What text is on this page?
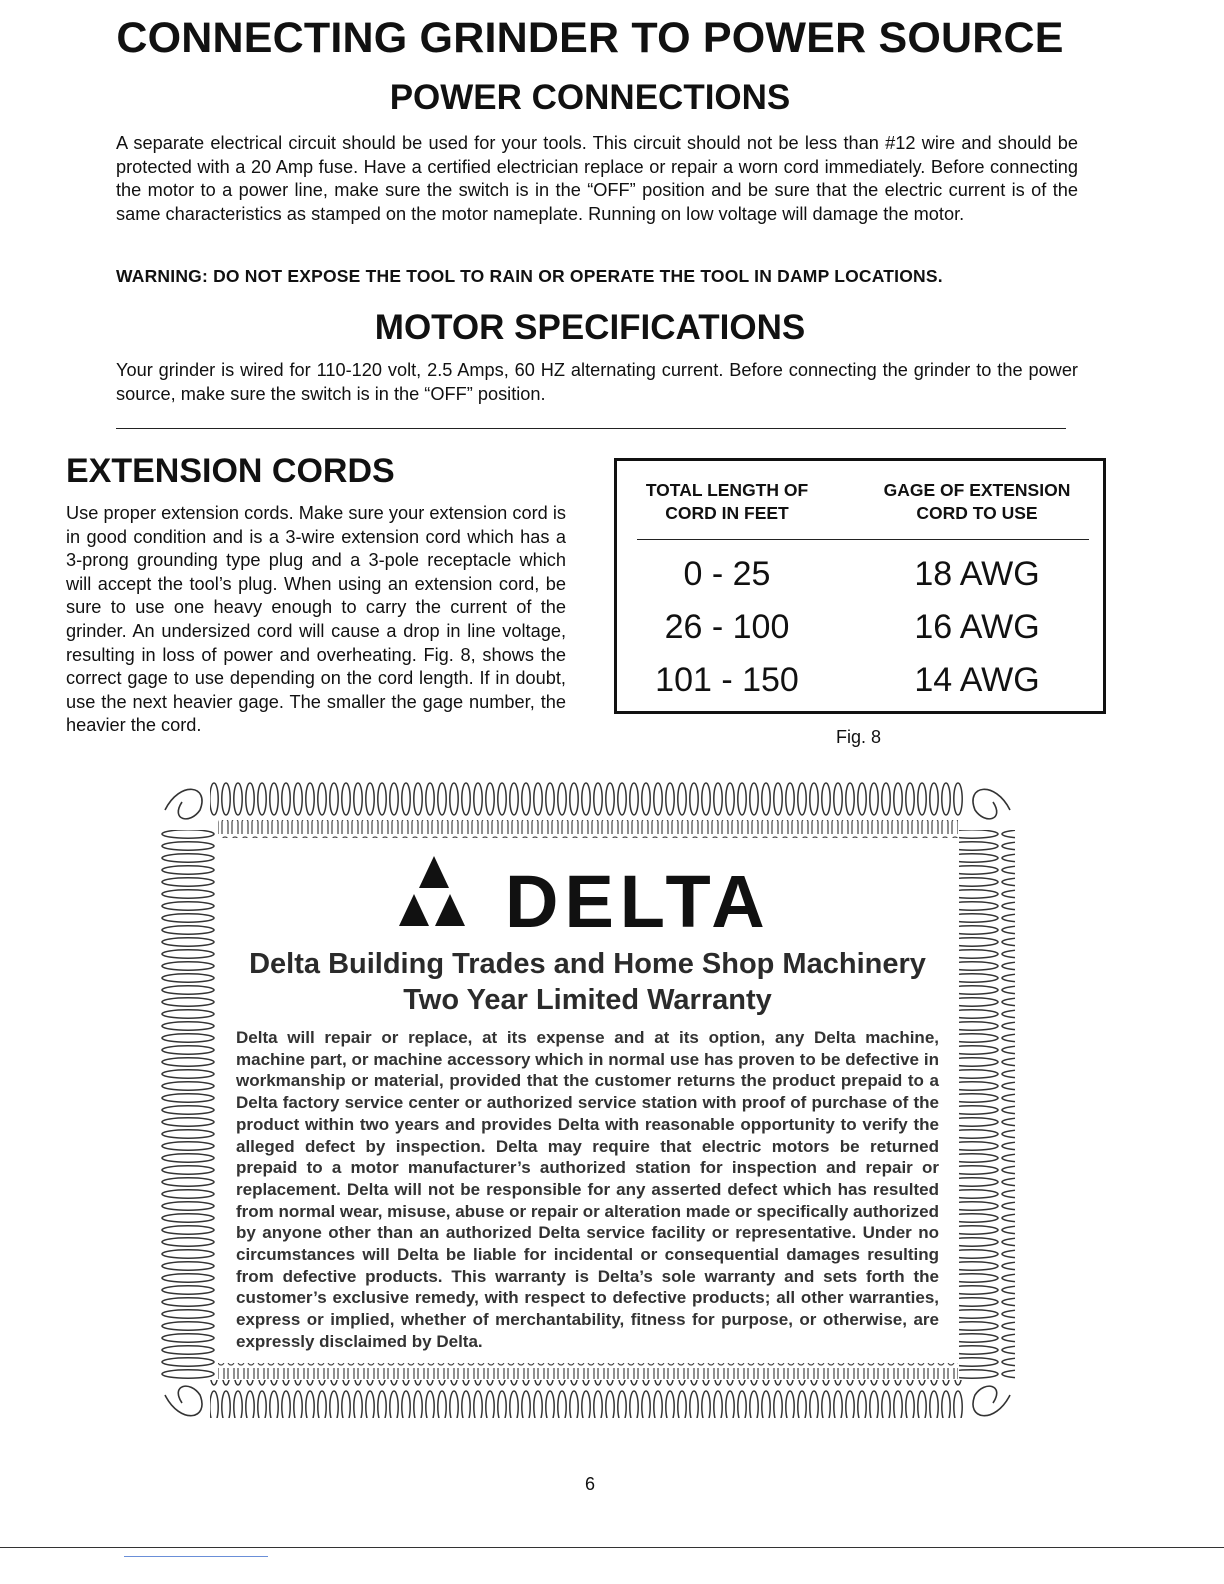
CONNECTING GRINDER TO POWER SOURCE
POWER CONNECTIONS
A separate electrical circuit should be used for your tools. This circuit should not be less than #12 wire and should be protected with a 20 Amp fuse. Have a certified electrician replace or repair a worn cord immediately. Before connecting the motor to a power line, make sure the switch is in the “OFF” position and be sure that the electric current is of the same characteristics as stamped on the motor nameplate. Running on low voltage will damage the motor.
WARNING: DO NOT EXPOSE THE TOOL TO RAIN OR OPERATE THE TOOL IN DAMP LOCATIONS.
MOTOR SPECIFICATIONS
Your grinder is wired for 110-120 volt, 2.5 Amps, 60 HZ alternating current. Before connecting the grinder to the power source, make sure the switch is in the “OFF” position.
EXTENSION CORDS
Use proper extension cords. Make sure your extension cord is in good condition and is a 3-wire extension cord which has a 3-prong grounding type plug and a 3-pole receptacle which will accept the tool’s plug. When using an extension cord, be sure to use one heavy enough to carry the current of the grinder. An undersized cord will cause a drop in line voltage, resulting in loss of power and overheating. Fig. 8, shows the correct gage to use depending on the cord length. If in doubt, use the next heavier gage. The smaller the gage number, the heavier the cord.
TOTAL LENGTH OF
CORD IN FEET
GAGE OF EXTENSION
CORD TO USE
0 - 25	18 AWG
26 - 100	16 AWG
101 - 150	14 AWG
Fig. 8
DELTA
Delta Building Trades and Home Shop Machinery
Two Year Limited Warranty
Delta will repair or replace, at its expense and at its option, any Delta machine, machine part, or machine accessory which in normal use has proven to be defective in workmanship or material, provided that the customer returns the product prepaid to a Delta factory service center or authorized service station with proof of purchase of the product within two years and provides Delta with reasonable opportunity to verify the alleged defect by inspection. Delta may require that electric motors be returned prepaid to a motor manufacturer’s authorized station for inspection and repair or replacement. Delta will not be responsible for any asserted defect which has resulted from normal wear, misuse, abuse or repair or alteration made or specifically authorized by anyone other than an authorized Delta service facility or representative. Under no circumstances will Delta be liable for incidental or consequential damages resulting from defective products. This warranty is Delta’s sole warranty and sets forth the customer’s exclusive remedy, with respect to defective products; all other warranties, express or implied, whether of merchantability, fitness for purpose, or otherwise, are expressly disclaimed by Delta.
6
